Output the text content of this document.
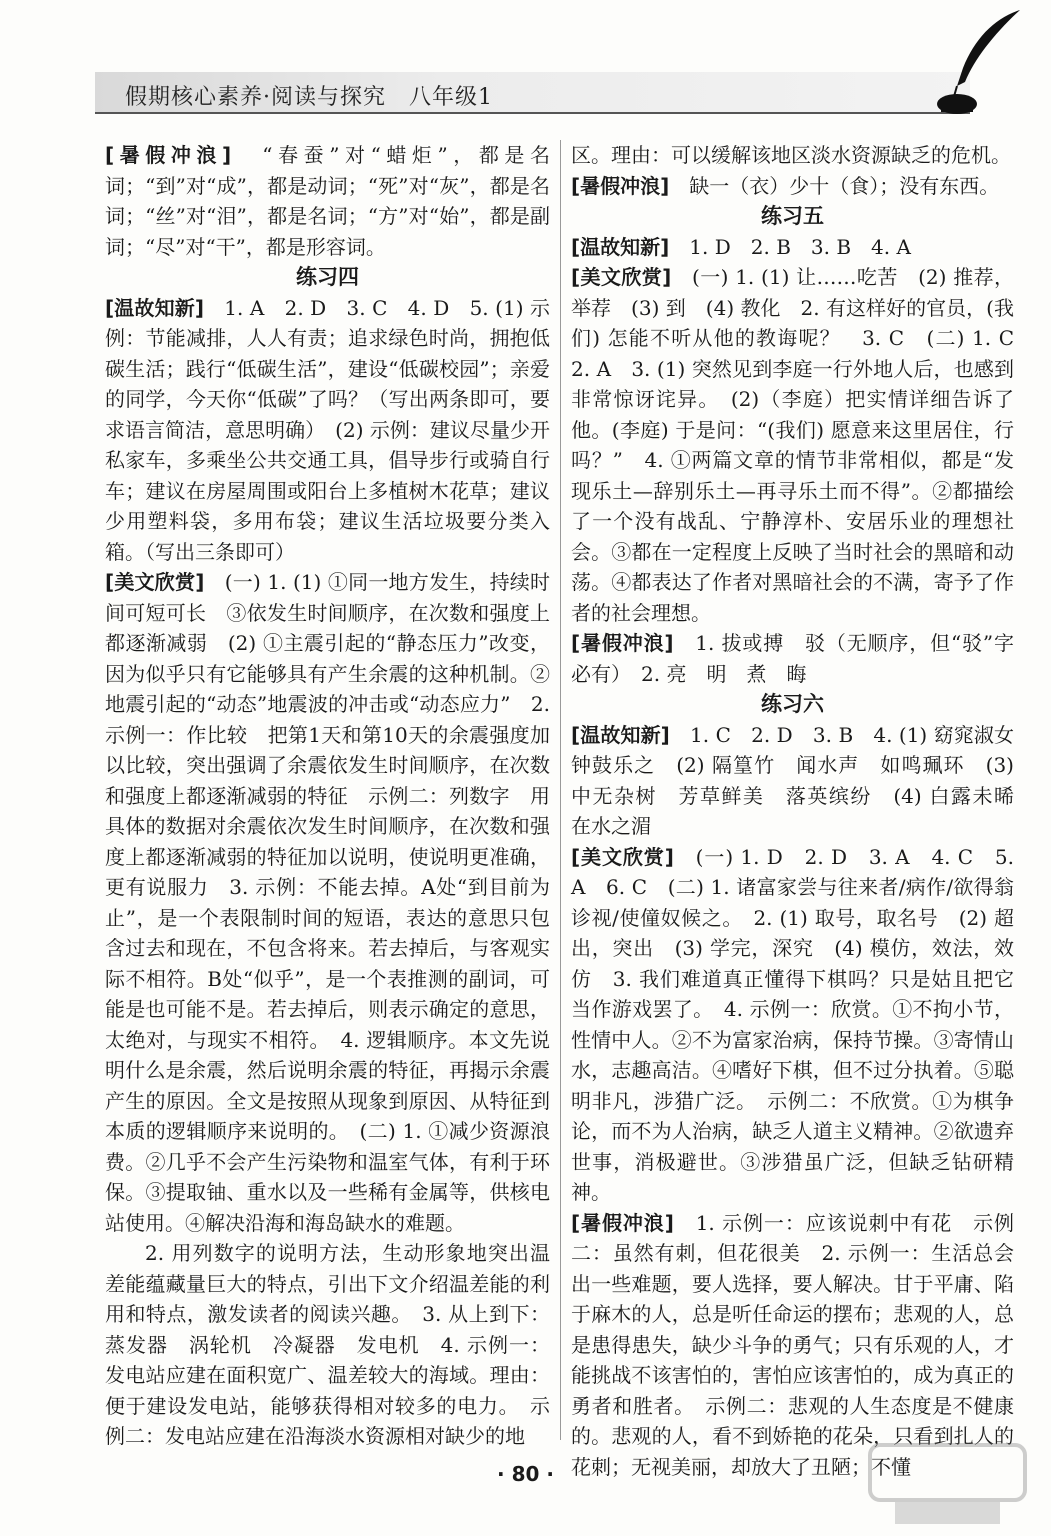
假期核心素养·阅读与探究　八年级1

[暑假冲浪]　“春蚕”对“蜡炬”，都是名词；“到”对“成”，都是动词；“死”对“灰”，都是名词；“丝”对“泪”，都是名词；“方”对“始”，都是副词；“尽”对“干”，都是形容词。

练习四

[温故知新]　1. A　2. D　3. C　4. D　5. (1) 示例：节能减排，人人有责；追求绿色时尚，拥抱低碳生活；践行“低碳生活”，建设“低碳校园”；亲爱的同学，今天你“低碳”了吗？（写出两条即可，要求语言简洁，意思明确）　(2) 示例：建议尽量少开私家车，多乘坐公共交通工具，倡导步行或骑自行车；建议在房屋周围或阳台上多植树木花草；建议少用塑料袋，多用布袋；建议生活垃圾要分类入箱。（写出三条即可）

[美文欣赏]　(一) 1. (1) ①同一地方发生，持续时间可短可长　③依发生时间顺序，在次数和强度上都逐渐减弱　(2) ①主震引起的“静态压力”改变，因为似乎只有它能够具有产生余震的这种机制。②地震引起的“动态”地震波的冲击或“动态应力”　2. 示例一：作比较　把第1天和第10天的余震强度加以比较，突出强调了余震依发生时间顺序，在次数和强度上都逐渐减弱的特征　示例二：列数字　用具体的数据对余震依次发生时间顺序，在次数和强度上都逐渐减弱的特征加以说明，使说明更准确，更有说服力　3. 示例：不能去掉。A处“到目前为止”，是一个表限制时间的短语，表达的意思只包含过去和现在，不包含将来。若去掉后，与客观实际不相符。B处“似乎”，是一个表推测的副词，可能是也可能不是。若去掉后，则表示确定的意思，太绝对，与现实不相符。　4. 逻辑顺序。本文先说明什么是余震，然后说明余震的特征，再揭示余震产生的原因。全文是按照从现象到原因、从特征到本质的逻辑顺序来说明的。　(二) 1. ①减少资源浪费。②几乎不会产生污染物和温室气体，有利于环保。③提取铀、重水以及一些稀有金属等，供核电站使用。④解决沿海和海岛缺水的难题。

2. 用列数字的说明方法，生动形象地突出温差能蕴藏量巨大的特点，引出下文介绍温差能的利用和特点，激发读者的阅读兴趣。　3. 从上到下：蒸发器　涡轮机　冷凝器　发电机　4. 示例一：发电站应建在面积宽广、温差较大的海域。理由：便于建设发电站，能够获得相对较多的电力。　示例二：发电站应建在沿海淡水资源相对缺少的地

区。理由：可以缓解该地区淡水资源缺乏的危机。

[暑假冲浪]　缺一（衣）少十（食）；没有东西。

练习五

[温故知新]　1. D　2. B　3. B　4. A

[美文欣赏]　(一) 1. (1) 让……吃苦　(2) 推荐，举荐　(3) 到　(4) 教化　2. 有这样好的官员，(我们) 怎能不听从他的教诲呢？　3. C　(二) 1. C　2. A　3. (1) 突然见到李庭一行外地人后，也感到非常惊讶诧异。　(2)（李庭）把实情详细告诉了他。(李庭) 于是问：“(我们) 愿意来这里居住，行吗？”　4. ①两篇文章的情节非常相似，都是“发现乐土—辞别乐土—再寻乐土而不得”。②都描绘了一个没有战乱、宁静淳朴、安居乐业的理想社会。③都在一定程度上反映了当时社会的黑暗和动荡。④都表达了作者对黑暗社会的不满，寄予了作者的社会理想。

[暑假冲浪]　1. 拔或搏　驳（无顺序，但“驳”字必有）　2. 亮　明　煮　晦

练习六

[温故知新]　1. C　2. D　3. B　4. (1) 窈窕淑女　钟鼓乐之　(2) 隔篁竹　闻水声　如鸣珮环　(3) 中无杂树　芳草鲜美　落英缤纷　(4) 白露未晞　在水之湄

[美文欣赏]　(一) 1. D　2. D　3. A　4. C　5. A　6. C　(二) 1. 诸富家尝与往来者/病作/欲得翁诊视/使僮奴候之。　2. (1) 取号，取名号　(2) 超出，突出　(3) 学完，深究　(4) 模仿，效法，效仿　3. 我们难道真正懂得下棋吗？只是姑且把它当作游戏罢了。　4. 示例一：欣赏。①不拘小节，性情中人。②不为富家治病，保持节操。③寄情山水，志趣高洁。④嗜好下棋，但不过分执着。⑤聪明非凡，涉猎广泛。　示例二：不欣赏。①为棋争论，而不为人治病，缺乏人道主义精神。②欲遗弃世事，消极避世。③涉猎虽广泛，但缺乏钻研精神。

[暑假冲浪]　1. 示例一：应该说刺中有花　示例二：虽然有刺，但花很美　2. 示例一：生活总会出一些难题，要人选择，要人解决。甘于平庸、陷于麻木的人，总是听任命运的摆布；悲观的人，总是患得患失，缺少斗争的勇气；只有乐观的人，才能挑战不该害怕的，害怕应该害怕的，成为真正的勇者和胜者。　示例二：悲观的人生态度是不健康的。悲观的人，看不到娇艳的花朵，只看到扎人的花刺；无视美丽，却放大了丑陋；不懂

· 80 ·
